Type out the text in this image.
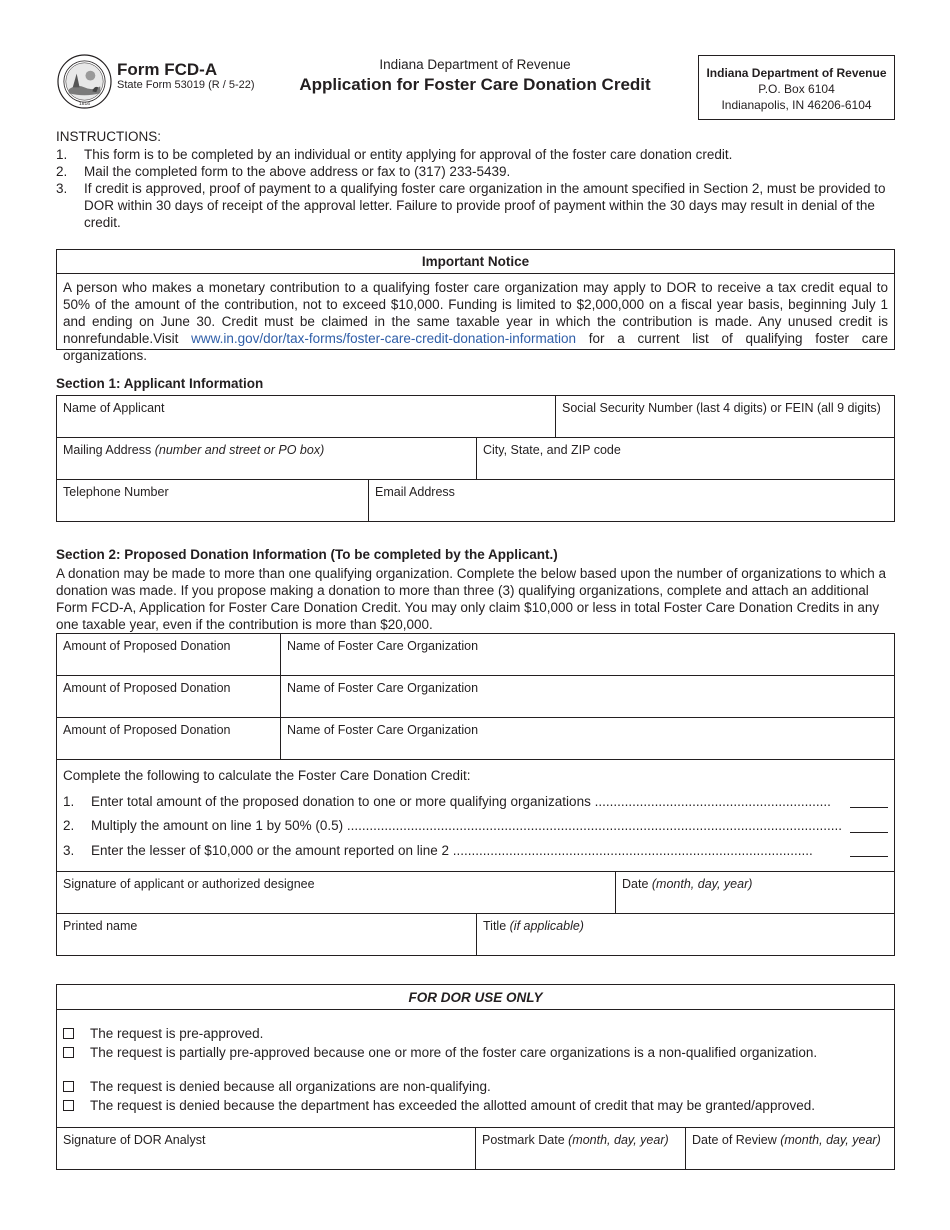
1816
Form FCD-A
State Form 53019 (R / 5-22)
Indiana Department of Revenue
Application for Foster Care Donation Credit
Indiana Department of Revenue
P.O. Box 6104
Indianapolis, IN 46206-6104
INSTRUCTIONS:
1.	This form is to be completed by an individual or entity applying for approval of the foster care donation credit.
2.	Mail the completed form to the above address or fax to (317) 233-5439.
3.	If credit is approved, proof of payment to a qualifying foster care organization in the amount specified in Section 2, must be provided to DOR within 30 days of receipt of the approval letter. Failure to provide proof of payment within the 30 days may result in denial of the credit.
Important Notice
A person who makes a monetary contribution to a qualifying foster care organization may apply to DOR to receive a tax credit equal to 50% of the amount of the contribution, not to exceed $10,000. Funding is limited to $2,000,000 on a fiscal year basis, beginning July 1 and ending on June 30. Credit must be claimed in the same taxable year in which the contribution is made. Any unused credit is nonrefundable.Visit www.in.gov/dor/tax-forms/foster-care-credit-donation-information for a current list of qualifying foster care organizations.
Section 1: Applicant Information
Name of Applicant	Social Security Number (last 4 digits) or FEIN (all 9 digits)
Mailing Address (number and street or PO box)	City, State, and ZIP code
Telephone Number	Email Address
Section 2: Proposed Donation Information (To be completed by the Applicant.)
A donation may be made to more than one qualifying organization. Complete the below based upon the number of organizations to which a donation was made. If you propose making a donation to more than three (3) qualifying organizations, complete and attach an additional Form FCD-A, Application for Foster Care Donation Credit. You may only claim $10,000 or less in total Foster Care Donation Credits in any one taxable year, even if the contribution is more than $20,000.
Amount of Proposed Donation	Name of Foster Care Organization
Amount of Proposed Donation	Name of Foster Care Organization
Amount of Proposed Donation	Name of Foster Care Organization
Complete the following to calculate the Foster Care Donation Credit:
1.	Enter total amount of the proposed donation to one or more qualifying organizations ...............................................................
2.	Multiply the amount on line 1 by 50% (0.5) ....................................................................................................................................
3.	Enter the lesser of $10,000 or the amount reported on line 2 ................................................................................................
Signature of applicant or authorized designee	Date (month, day, year)
Printed name	Title (if applicable)
FOR DOR USE ONLY
The request is pre-approved.
The request is partially pre-approved because one or more of the foster care organizations is a non-qualified organization.
The request is denied because all organizations are non-qualifying.
The request is denied because the department has exceeded the allotted amount of credit that may be granted/approved.
Signature of DOR Analyst	Postmark Date (month, day, year)	Date of Review (month, day, year)
